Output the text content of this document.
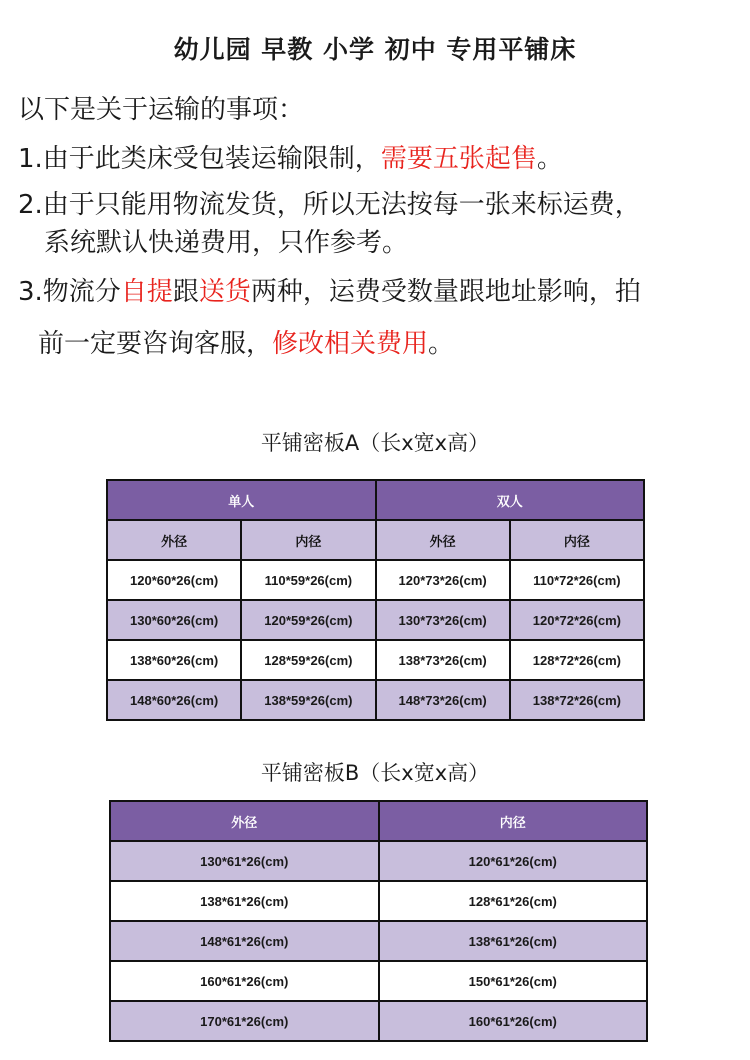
幼儿园 早教 小学 初中 专用平铺床
以下是关于运输的事项：
1.由于此类床受包装运输限制，需要五张起售。
2.由于只能用物流发货，所以无法按每一张来标运费，
系统默认快递费用，只作参考。
3.物流分自提跟送货两种，运费受数量跟地址影响，拍
前一定要咨询客服，修改相关费用。
平铺密板A（长x宽x高）
单人		双人	
外径	内径	外径	内径
120*60*26(cm)	110*59*26(cm)	120*73*26(cm)	110*72*26(cm)
130*60*26(cm)	120*59*26(cm)	130*73*26(cm)	120*72*26(cm)
138*60*26(cm)	128*59*26(cm)	138*73*26(cm)	128*72*26(cm)
148*60*26(cm)	138*59*26(cm)	148*73*26(cm)	138*72*26(cm)
平铺密板B（长x宽x高）
外径	内径
130*61*26(cm)	120*61*26(cm)
138*61*26(cm)	128*61*26(cm)
148*61*26(cm)	138*61*26(cm)
160*61*26(cm)	150*61*26(cm)
170*61*26(cm)	160*61*26(cm)
